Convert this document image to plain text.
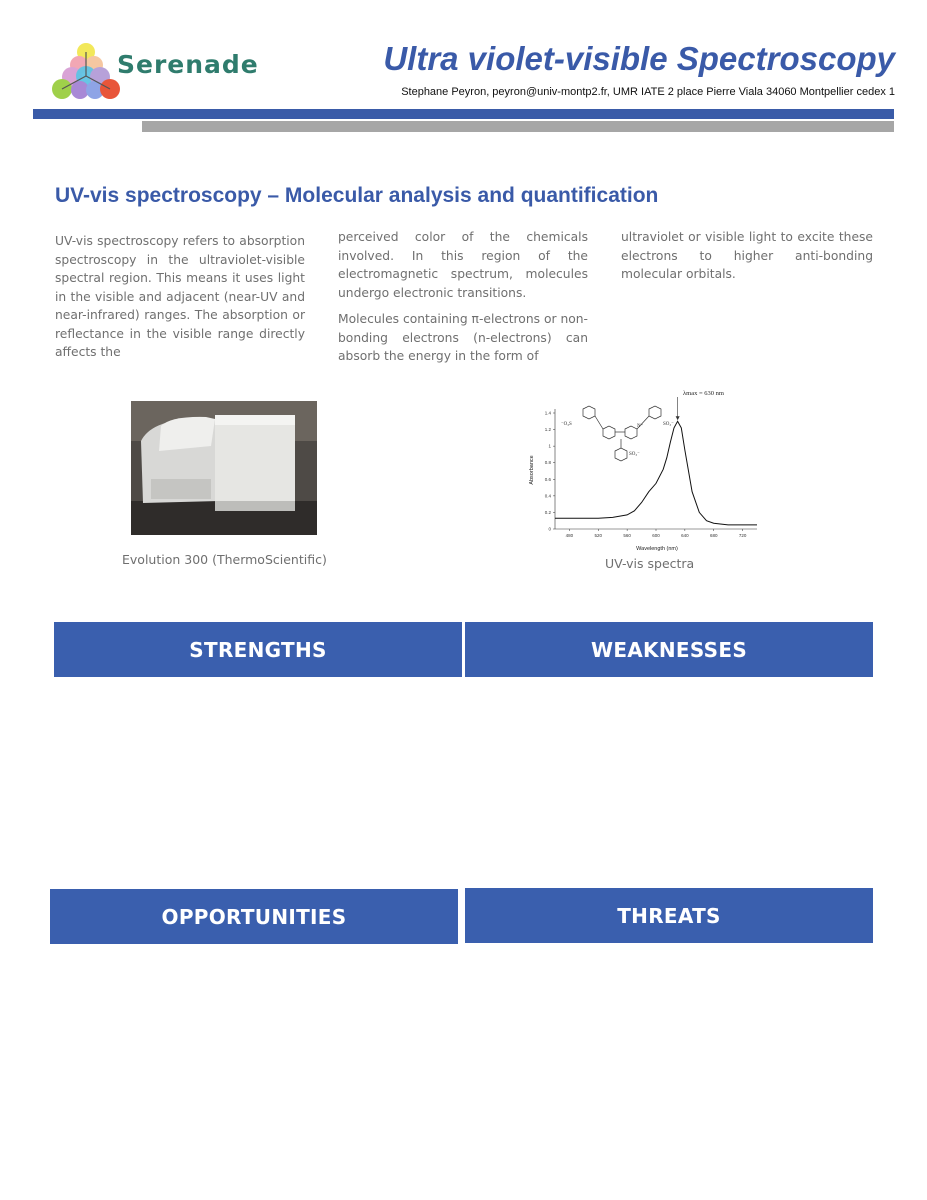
Serenade	Ultra violet-visible Spectroscopy
Stephane Peyron, peyron@univ-montp2.fr, UMR IATE 2 place Pierre Viala 34060 Montpellier cedex 1
UV-vis spectroscopy – Molecular analysis and quantification

UV-vis spectroscopy refers to absorption spectroscopy in the ultraviolet-visible spectral region. This means it uses light in the visible and adjacent (near-UV and near-infrared) ranges. The absorption or reflectance in the visible range directly affects the

perceived color of the chemicals involved. In this region of the electromagnetic spectrum, molecules undergo electronic transitions.

Molecules containing π-electrons or non-bonding electrons (n-electrons) can absorb the energy in the form of

ultraviolet or visible light to excite these electrons to higher anti-bonding molecular orbitals.

Evolution 300 (ThermoScientific)
⁻O₃S	SO₃⁻
N⁺
SO₃⁻
λmax = 630 nm
480	520	560	600	640	680	720
0
0.2
0.4
0.6
0.8
1
1.2
1.4
Wavelength (nm)
Absorbance
UV-vis spectra
STRENGTHS	WEAKNESSES
OPPORTUNITIES	THREATS
